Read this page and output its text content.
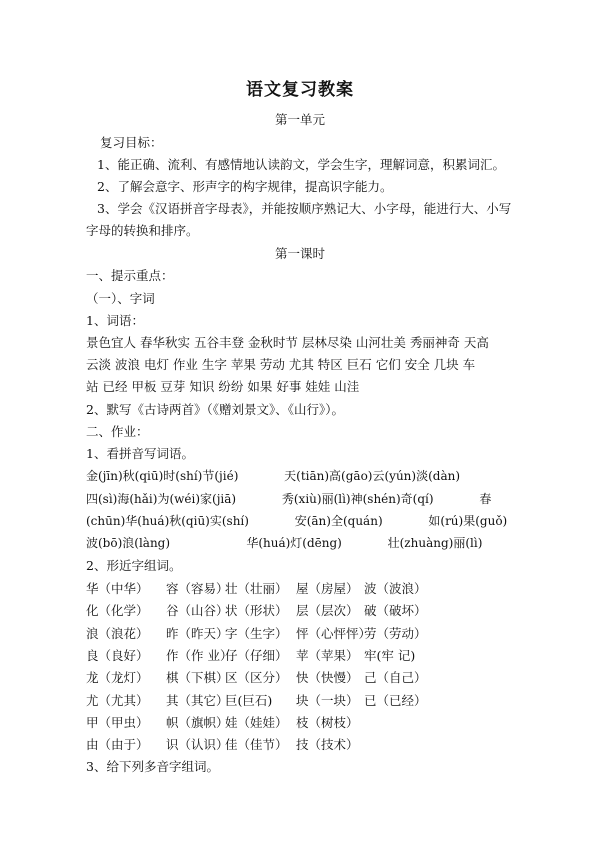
语文复习教案
第一单元
复习目标：
1、能正确、流利、有感情地认读韵文，学会生字，理解词意，积累词汇。
2、了解会意字、形声字的构字规律，提高识字能力。
3、学会《汉语拼音字母表》，并能按顺序熟记大、小字母，能进行大、小写
字母的转换和排序。
第一课时
一、提示重点：
（一）、字词
1、词语：
景色宜人 春华秋实 五谷丰登 金秋时节 层林尽染 山河壮美 秀丽神奇 天高
云淡 波浪 电灯 作业 生字 苹果 劳动 尤其 特区 巨石 它们 安全 几块 车
站 已经 甲板 豆芽 知识 纷纷 如果 好事 娃娃 山洼
2、默写《古诗两首》（《赠刘景文》、《山行》）。
二、作业：
1、看拼音写词语。
金(jīn)秋(qiū)时(shí)节(jié)            天(tiān)高(gāo)云(yún)淡(dàn)
四(sì)海(hǎi)为(wéi)家(jiā)            秀(xiù)丽(lì)神(shén)奇(qí)            春
(chūn)华(huá)秋(qiū)实(shí)            安(ān)全(quán)            如(rú)果(guǒ)
波(bō)浪(làng)                    华(huá)灯(dēng)            壮(zhuàng)丽(lì)
2、形近字组词。
华（中华） 容（容易）
壮（壮丽） 屋（房屋） 波（波浪）
化（化学） 谷（山谷）
状（形状） 层（层次） 破（破坏）
浪（浪花） 昨（昨天）
字（生字） 怦（心怦怦）
劳（劳动）
良（良好） 作（作 业）
仔（仔细） 苹（苹果） 牢(牢 记)
龙（龙灯） 棋（下棋）
区（区分） 快（快慢） 己（自己）
尤（尤其） 其（其它）
巨(巨石) 块（一块） 已（已经）
甲（甲虫） 帜（旗帜）
娃（娃娃） 枝（树枝）
由（由于） 识（认识）
佳（佳节） 技（技术）
3、给下列多音字组词。
